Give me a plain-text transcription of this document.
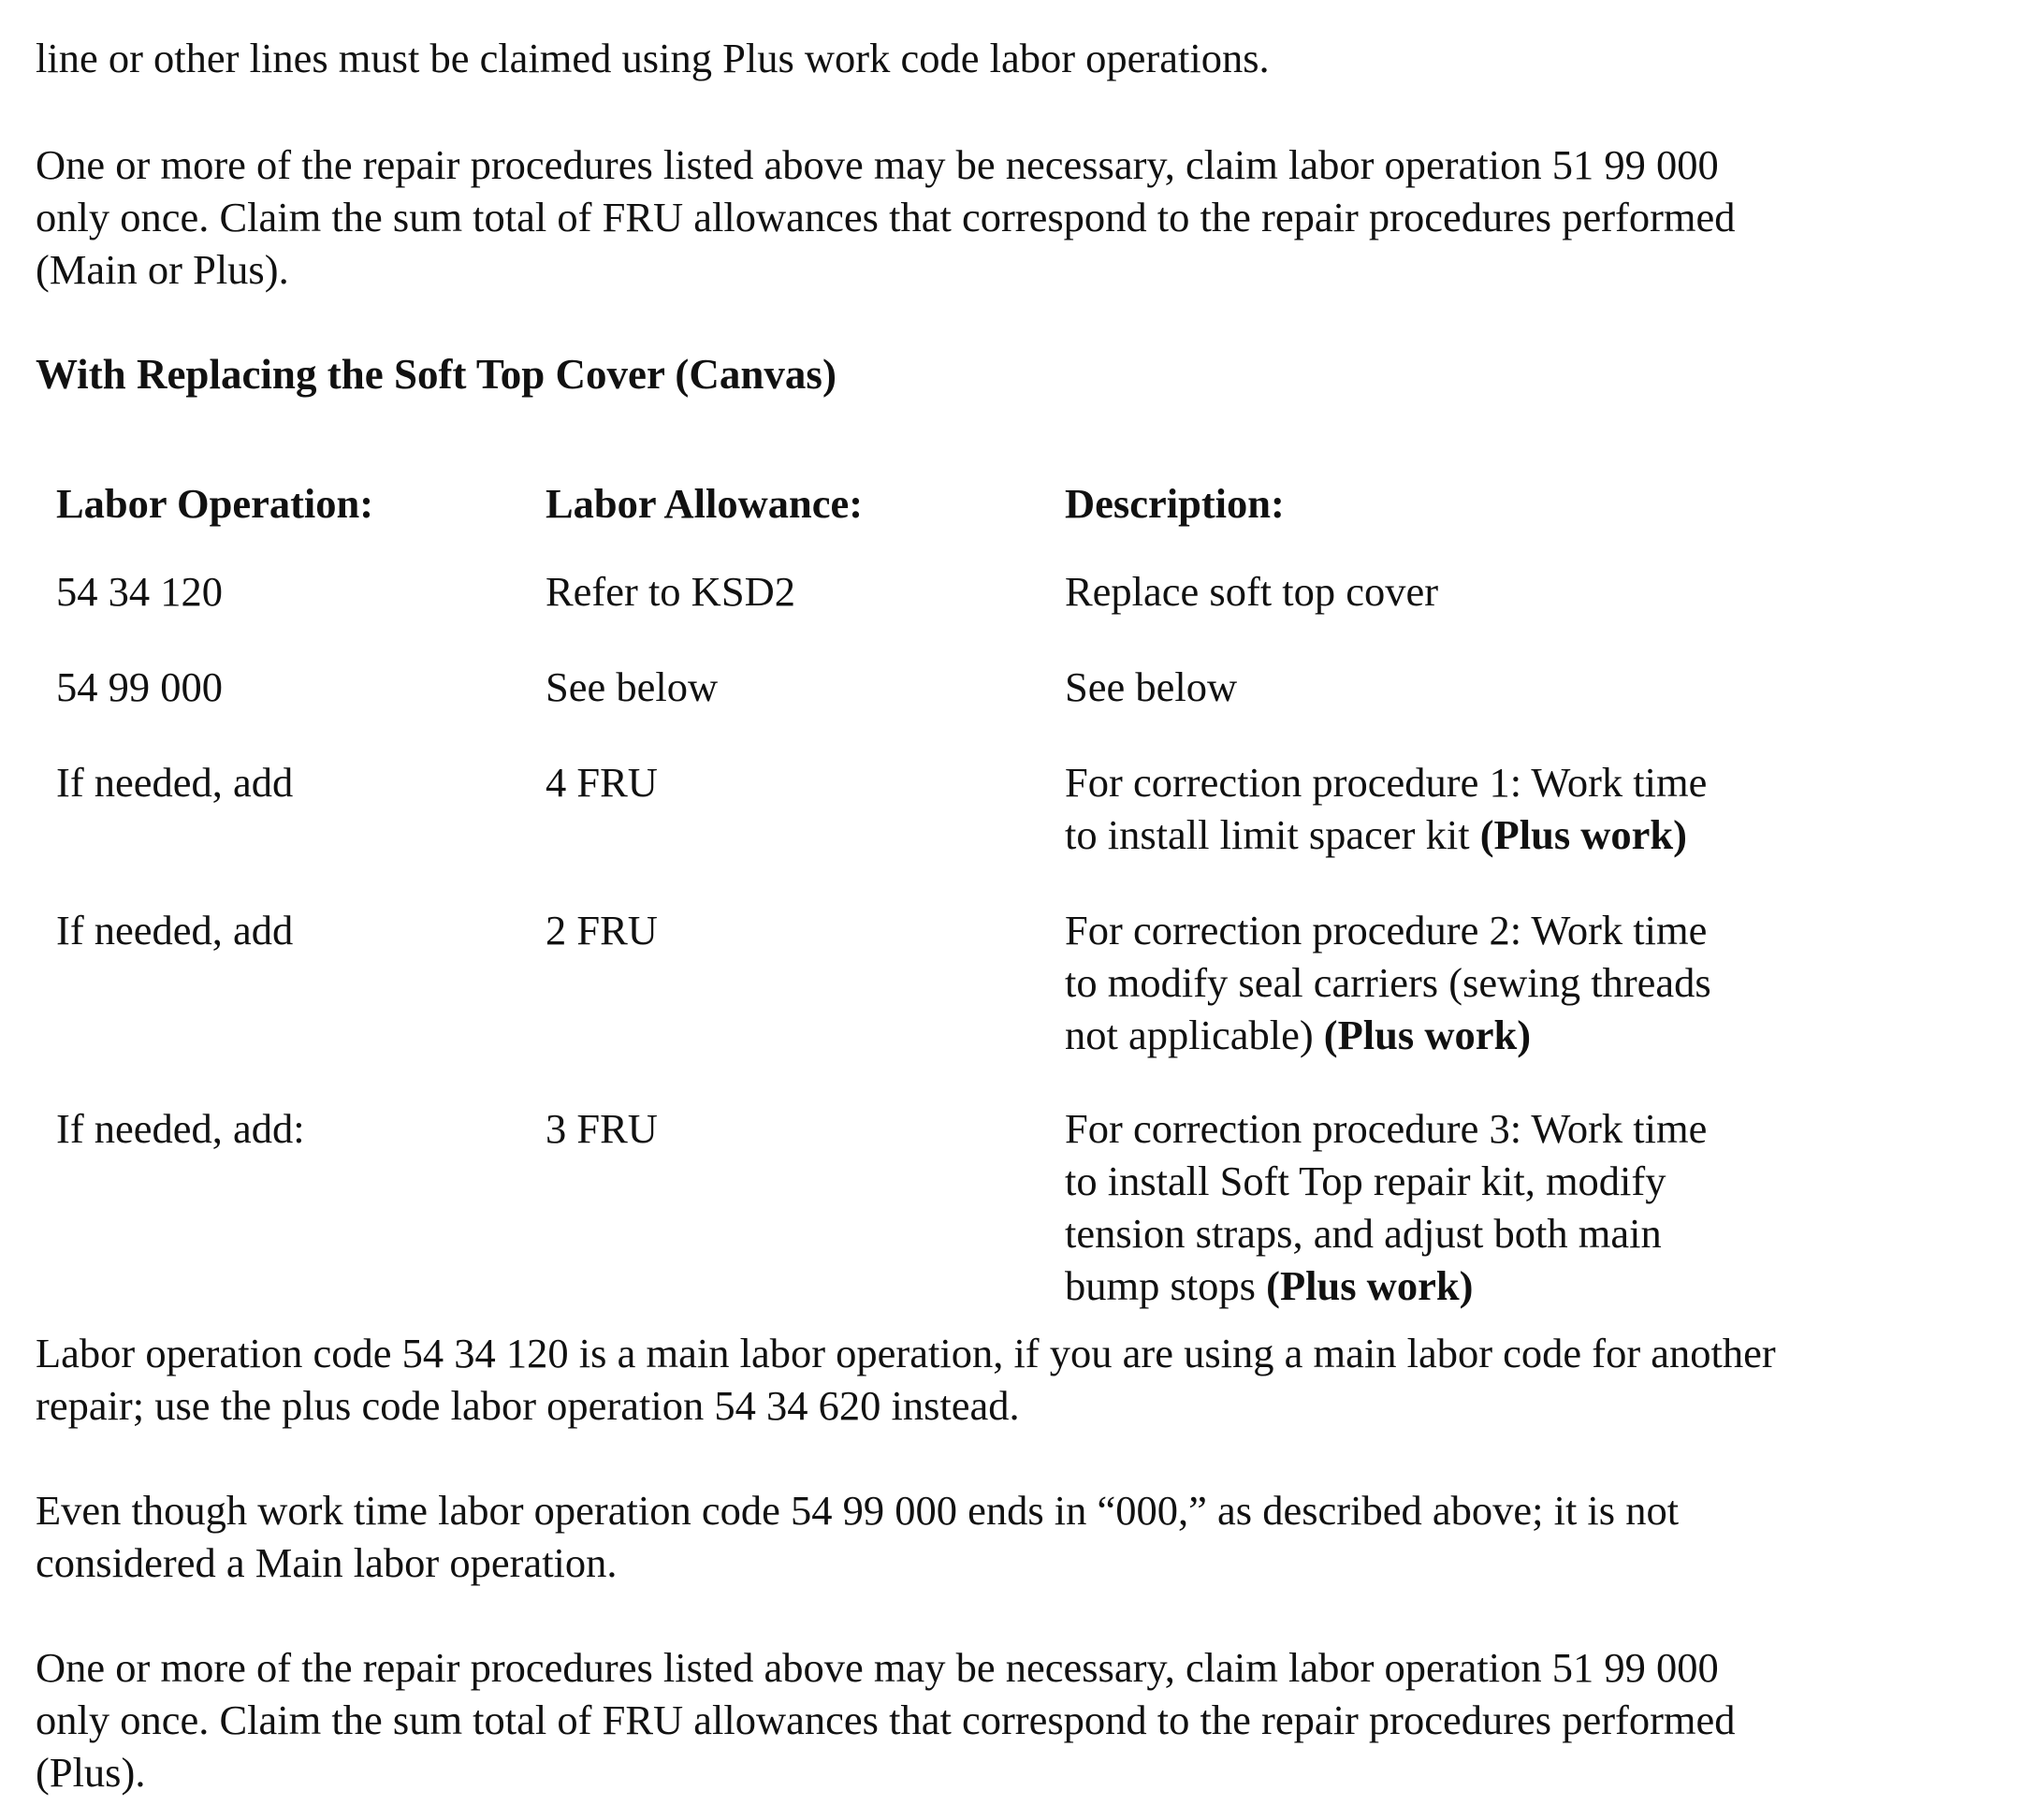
line or other lines must be claimed using Plus work code labor operations.

One or more of the repair procedures listed above may be necessary, claim labor operation 51 99 000
only once. Claim the sum total of FRU allowances that correspond to the repair procedures performed
(Main or Plus).

With Replacing the Soft Top Cover (Canvas)
Labor Operation:	Labor Allowance:	Description:
54 34 120	Refer to KSD2	Replace soft top cover
54 99 000	See below	See below
If needed, add	4 FRU	For correction procedure 1: Work time
to install limit spacer kit (Plus work)
If needed, add	2 FRU	For correction procedure 2: Work time
to modify seal carriers (sewing threads
not applicable) (Plus work)
If needed, add:	3 FRU	For correction procedure 3: Work time
to install Soft Top repair kit, modify
tension straps, and adjust both main
bump stops (Plus work)

Labor operation code 54 34 120 is a main labor operation, if you are using a main labor code for another
repair; use the plus code labor operation 54 34 620 instead.

Even though work time labor operation code 54 99 000 ends in “000,” as described above; it is not
considered a Main labor operation.

One or more of the repair procedures listed above may be necessary, claim labor operation 51 99 000
only once. Claim the sum total of FRU allowances that correspond to the repair procedures performed
(Plus).
